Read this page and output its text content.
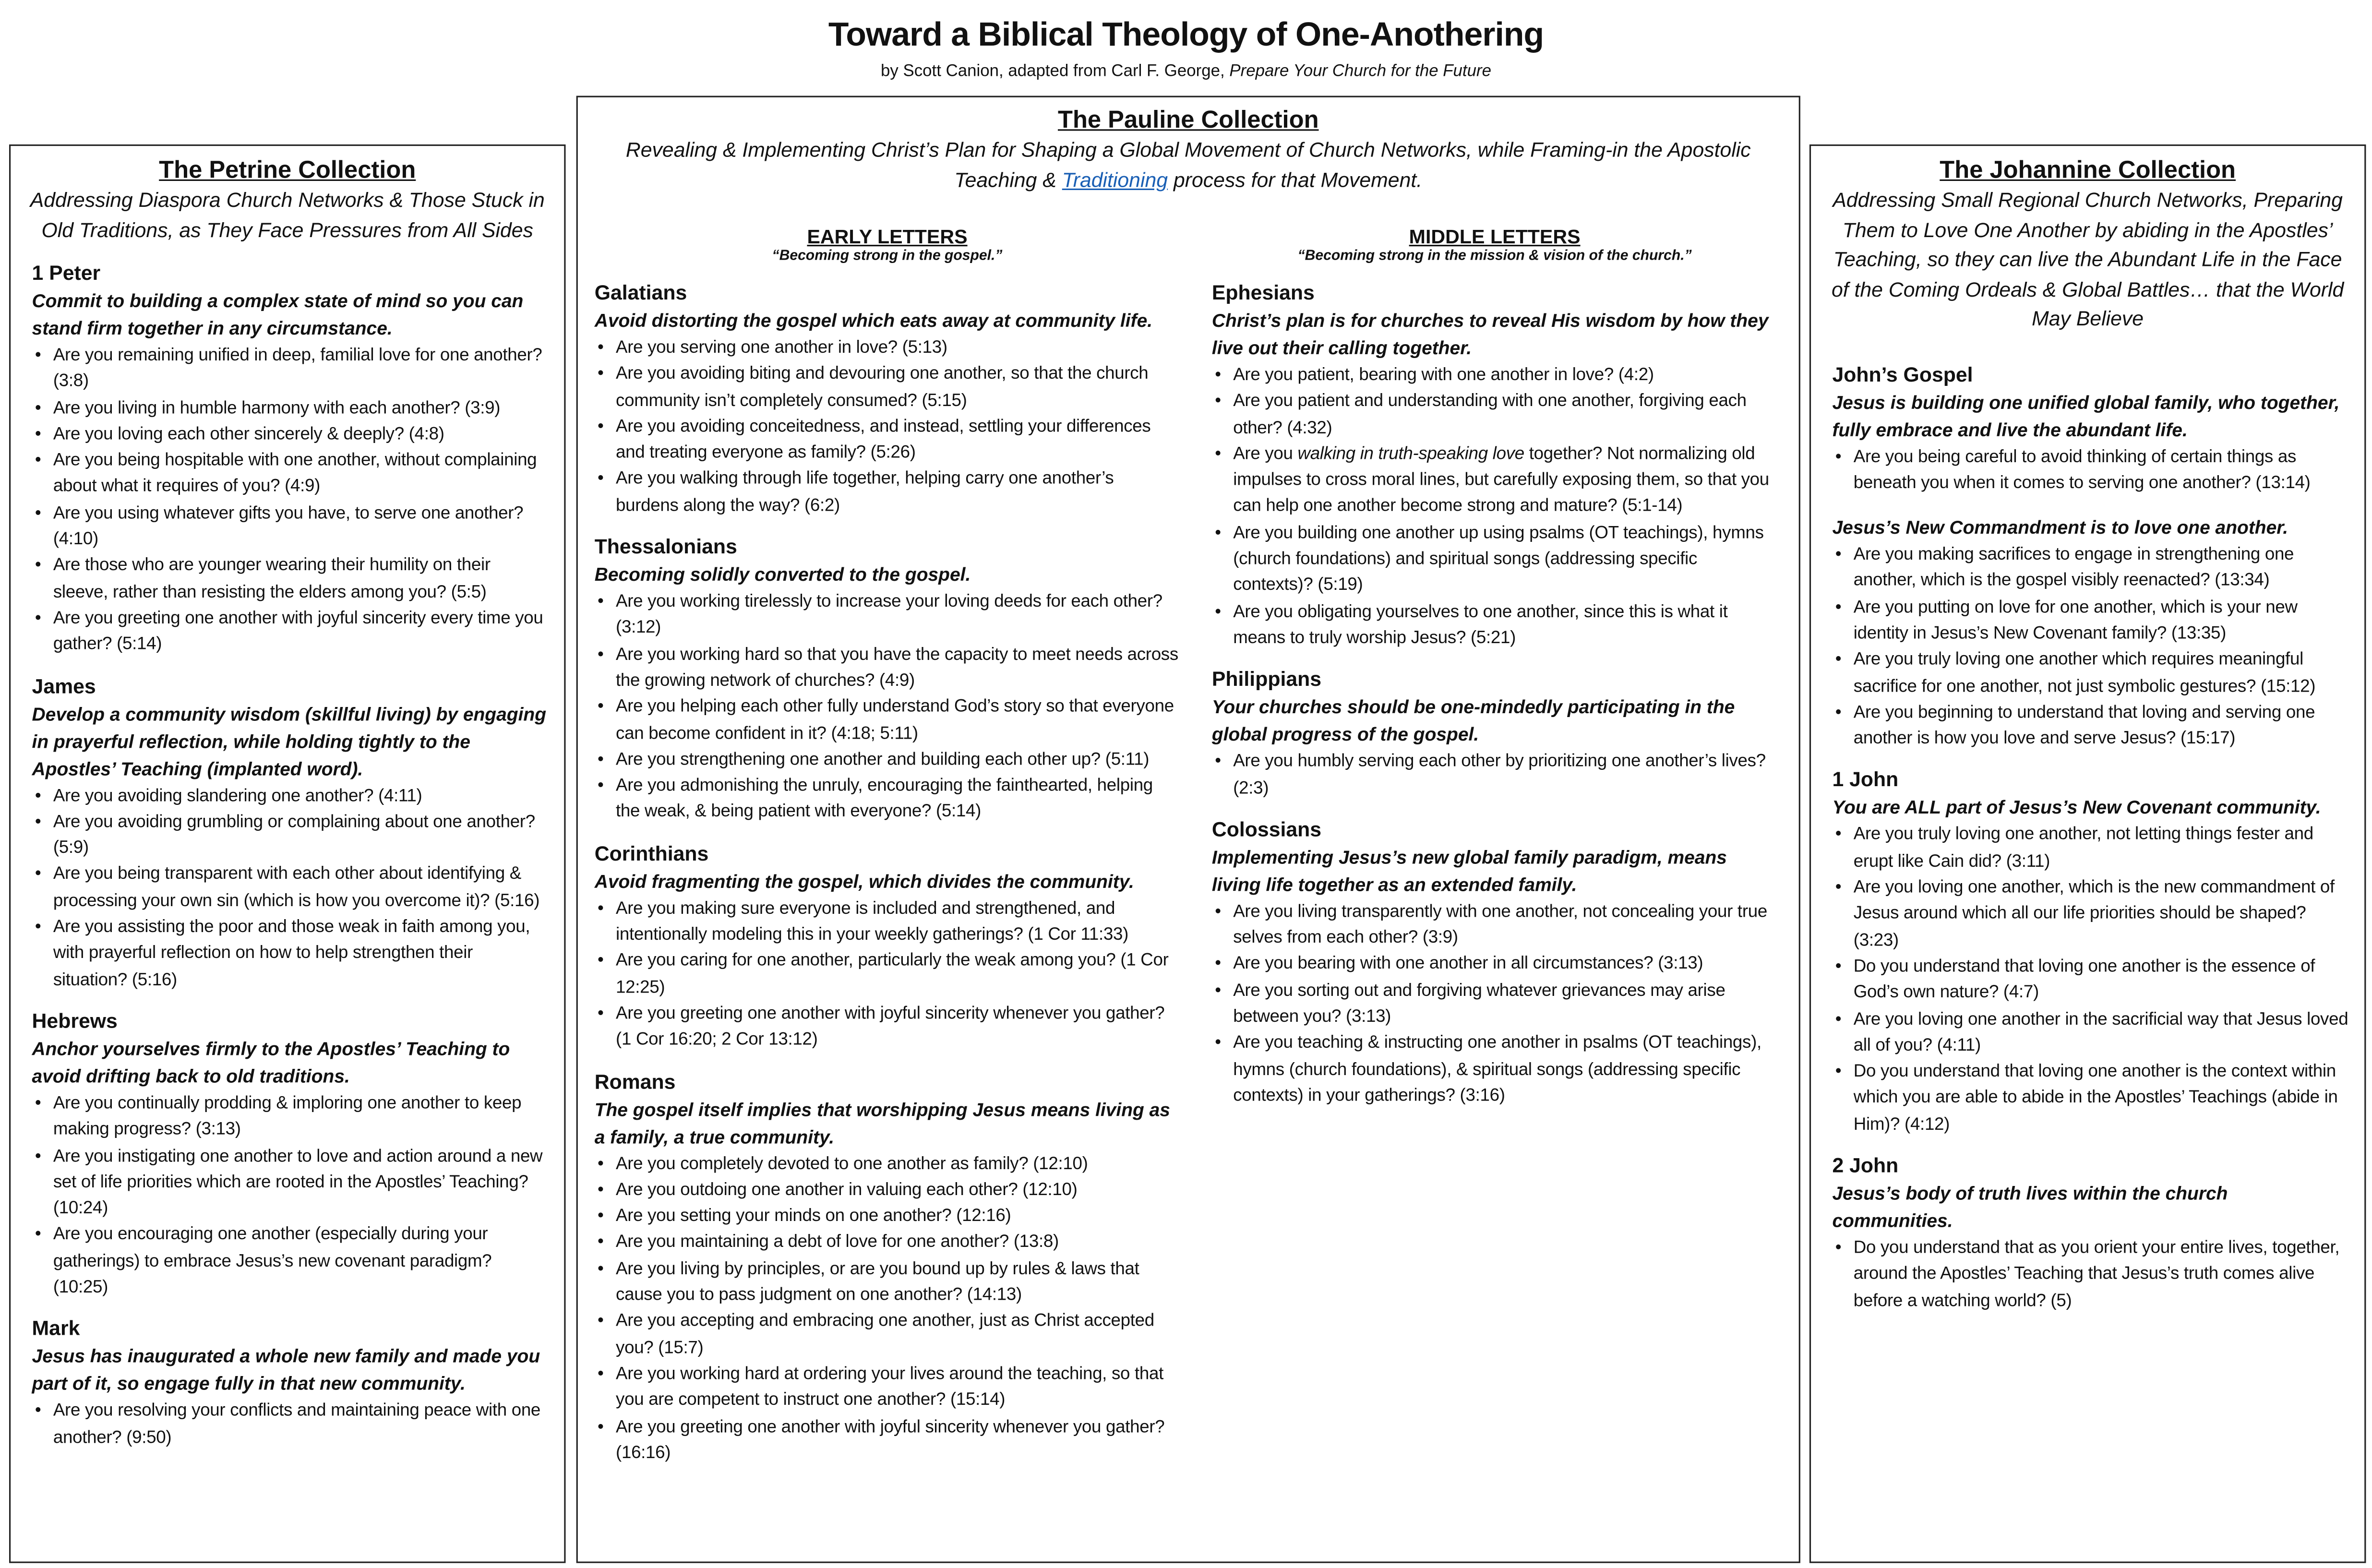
Toward a Biblical Theology of One-Anothering
by Scott Canion, adapted from Carl F. George, Prepare Your Church for the Future
The Petrine Collection
Addressing Diaspora Church Networks & Those Stuck in Old Traditions, as They Face Pressures from All Sides
1 Peter
Commit to building a complex state of mind so you can stand firm together in any circumstance.
• Are you remaining unified in deep, familial love for one another? (3:8)
• Are you living in humble harmony with each another? (3:9)
• Are you loving each other sincerely & deeply? (4:8)
• Are you being hospitable with one another, without complaining about what it requires of you? (4:9)
• Are you using whatever gifts you have, to serve one another? (4:10)
• Are those who are younger wearing their humility on their sleeve, rather than resisting the elders among you? (5:5)
• Are you greeting one another with joyful sincerity every time you gather? (5:14)
James
Develop a community wisdom (skillful living) by engaging in prayerful reflection, while holding tightly to the Apostles’ Teaching (implanted word).
• Are you avoiding slandering one another? (4:11)
• Are you avoiding grumbling or complaining about one another? (5:9)
• Are you being transparent with each other about identifying & processing your own sin (which is how you overcome it)? (5:16)
• Are you assisting the poor and those weak in faith among you, with prayerful reflection on how to help strengthen their situation? (5:16)
Hebrews
Anchor yourselves firmly to the Apostles’ Teaching to avoid drifting back to old traditions.
• Are you continually prodding & imploring one another to keep making progress? (3:13)
• Are you instigating one another to love and action around a new set of life priorities which are rooted in the Apostles’ Teaching? (10:24)
• Are you encouraging one another (especially during your gatherings) to embrace Jesus’s new covenant paradigm? (10:25)
Mark
Jesus has inaugurated a whole new family and made you part of it, so engage fully in that new community.
• Are you resolving your conflicts and maintaining peace with one another? (9:50)
The Pauline Collection
Revealing & Implementing Christ’s Plan for Shaping a Global Movement of Church Networks, while Framing-in the Apostolic Teaching & Traditioning process for that Movement.
EARLY LETTERS
“Becoming strong in the gospel.”
Galatians
Avoid distorting the gospel which eats away at community life.
• Are you serving one another in love? (5:13)
• Are you avoiding biting and devouring one another, so that the church community isn’t completely consumed? (5:15)
• Are you avoiding conceitedness, and instead, settling your differences and treating everyone as family? (5:26)
• Are you walking through life together, helping carry one another’s burdens along the way? (6:2)
Thessalonians
Becoming solidly converted to the gospel.
• Are you working tirelessly to increase your loving deeds for each other? (3:12)
• Are you working hard so that you have the capacity to meet needs across the growing network of churches? (4:9)
• Are you helping each other fully understand God’s story so that everyone can become confident in it? (4:18; 5:11)
• Are you strengthening one another and building each other up? (5:11)
• Are you admonishing the unruly, encouraging the fainthearted, helping the weak, & being patient with everyone? (5:14)
Corinthians
Avoid fragmenting the gospel, which divides the community.
• Are you making sure everyone is included and strengthened, and intentionally modeling this in your weekly gatherings? (1 Cor 11:33)
• Are you caring for one another, particularly the weak among you? (1 Cor 12:25)
• Are you greeting one another with joyful sincerity whenever you gather? (1 Cor 16:20; 2 Cor 13:12)
Romans
The gospel itself implies that worshipping Jesus means living as a family, a true community.
• Are you completely devoted to one another as family? (12:10)
• Are you outdoing one another in valuing each other? (12:10)
• Are you setting your minds on one another? (12:16)
• Are you maintaining a debt of love for one another? (13:8)
• Are you living by principles, or are you bound up by rules & laws that cause you to pass judgment on one another? (14:13)
• Are you accepting and embracing one another, just as Christ accepted you? (15:7)
• Are you working hard at ordering your lives around the teaching, so that you are competent to instruct one another? (15:14)
• Are you greeting one another with joyful sincerity whenever you gather? (16:16)
MIDDLE LETTERS
“Becoming strong in the mission & vision of the church.”
Ephesians
Christ’s plan is for churches to reveal His wisdom by how they live out their calling together.
• Are you patient, bearing with one another in love? (4:2)
• Are you patient and understanding with one another, forgiving each other? (4:32)
• Are you walking in truth-speaking love together? Not normalizing old impulses to cross moral lines, but carefully exposing them, so that you can help one another become strong and mature? (5:1-14)
• Are you building one another up using psalms (OT teachings), hymns (church foundations) and spiritual songs (addressing specific contexts)? (5:19)
• Are you obligating yourselves to one another, since this is what it means to truly worship Jesus? (5:21)
Philippians
Your churches should be one-mindedly participating in the global progress of the gospel.
• Are you humbly serving each other by prioritizing one another’s lives? (2:3)
Colossians
Implementing Jesus’s new global family paradigm, means living life together as an extended family.
• Are you living transparently with one another, not concealing your true selves from each other? (3:9)
• Are you bearing with one another in all circumstances? (3:13)
• Are you sorting out and forgiving whatever grievances may arise between you? (3:13)
• Are you teaching & instructing one another in psalms (OT teachings), hymns (church foundations), & spiritual songs (addressing specific contexts) in your gatherings? (3:16)
The Johannine Collection
Addressing Small Regional Church Networks, Preparing Them to Love One Another by abiding in the Apostles’ Teaching, so they can live the Abundant Life in the Face of the Coming Ordeals & Global Battles… that the World May Believe
John’s Gospel
Jesus is building one unified global family, who together, fully embrace and live the abundant life.
• Are you being careful to avoid thinking of certain things as beneath you when it comes to serving one another? (13:14)
Jesus’s New Commandment is to love one another.
• Are you making sacrifices to engage in strengthening one another, which is the gospel visibly reenacted? (13:34)
• Are you putting on love for one another, which is your new identity in Jesus’s New Covenant family? (13:35)
• Are you truly loving one another which requires meaningful sacrifice for one another, not just symbolic gestures? (15:12)
• Are you beginning to understand that loving and serving one another is how you love and serve Jesus? (15:17)
1 John
You are ALL part of Jesus’s New Covenant community.
• Are you truly loving one another, not letting things fester and erupt like Cain did? (3:11)
• Are you loving one another, which is the new commandment of Jesus around which all our life priorities should be shaped? (3:23)
• Do you understand that loving one another is the essence of God’s own nature? (4:7)
• Are you loving one another in the sacrificial way that Jesus loved all of you? (4:11)
• Do you understand that loving one another is the context within which you are able to abide in the Apostles’ Teachings (abide in Him)? (4:12)
2 John
Jesus’s body of truth lives within the church communities.
• Do you understand that as you orient your entire lives, together, around the Apostles’ Teaching that Jesus’s truth comes alive before a watching world? (5)
